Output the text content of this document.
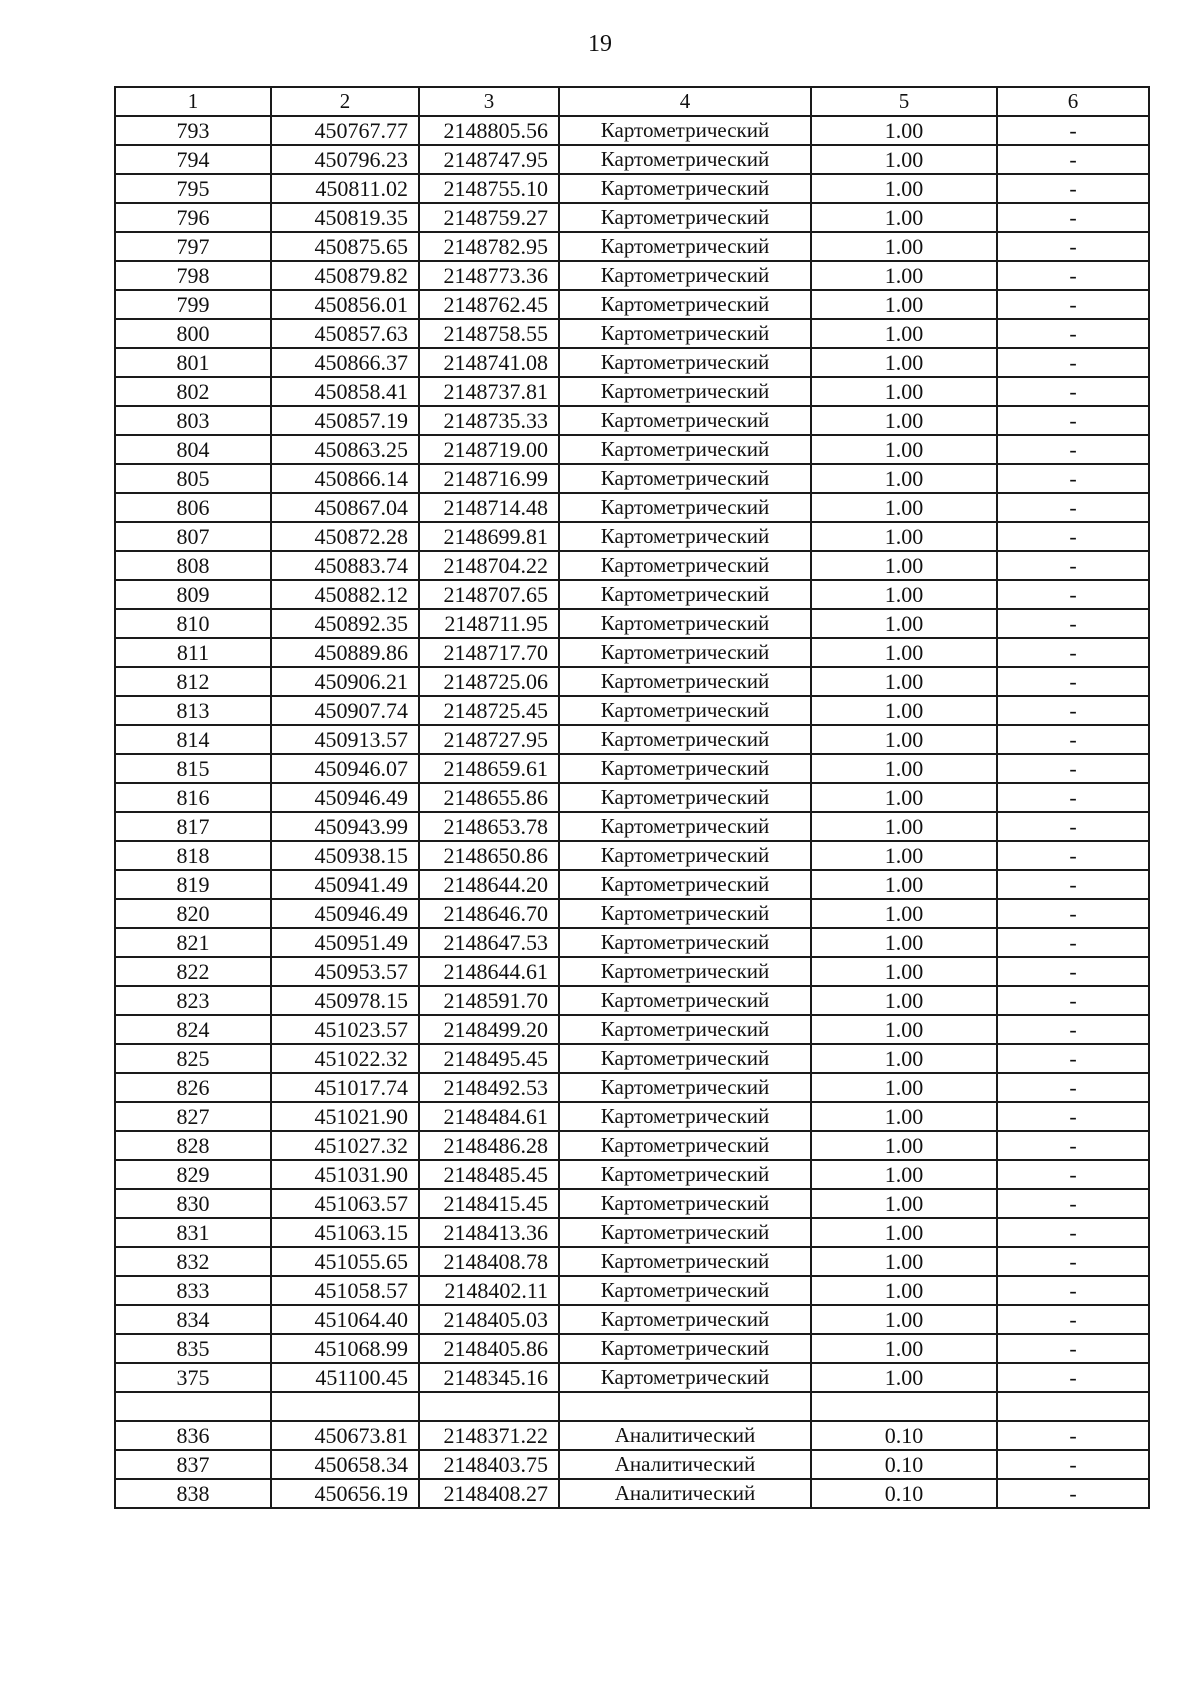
19
1	2	3	4	5	6
793	450767.77	2148805.56	Картометрический	1.00	-
794	450796.23	2148747.95	Картометрический	1.00	-
795	450811.02	2148755.10	Картометрический	1.00	-
796	450819.35	2148759.27	Картометрический	1.00	-
797	450875.65	2148782.95	Картометрический	1.00	-
798	450879.82	2148773.36	Картометрический	1.00	-
799	450856.01	2148762.45	Картометрический	1.00	-
800	450857.63	2148758.55	Картометрический	1.00	-
801	450866.37	2148741.08	Картометрический	1.00	-
802	450858.41	2148737.81	Картометрический	1.00	-
803	450857.19	2148735.33	Картометрический	1.00	-
804	450863.25	2148719.00	Картометрический	1.00	-
805	450866.14	2148716.99	Картометрический	1.00	-
806	450867.04	2148714.48	Картометрический	1.00	-
807	450872.28	2148699.81	Картометрический	1.00	-
808	450883.74	2148704.22	Картометрический	1.00	-
809	450882.12	2148707.65	Картометрический	1.00	-
810	450892.35	2148711.95	Картометрический	1.00	-
811	450889.86	2148717.70	Картометрический	1.00	-
812	450906.21	2148725.06	Картометрический	1.00	-
813	450907.74	2148725.45	Картометрический	1.00	-
814	450913.57	2148727.95	Картометрический	1.00	-
815	450946.07	2148659.61	Картометрический	1.00	-
816	450946.49	2148655.86	Картометрический	1.00	-
817	450943.99	2148653.78	Картометрический	1.00	-
818	450938.15	2148650.86	Картометрический	1.00	-
819	450941.49	2148644.20	Картометрический	1.00	-
820	450946.49	2148646.70	Картометрический	1.00	-
821	450951.49	2148647.53	Картометрический	1.00	-
822	450953.57	2148644.61	Картометрический	1.00	-
823	450978.15	2148591.70	Картометрический	1.00	-
824	451023.57	2148499.20	Картометрический	1.00	-
825	451022.32	2148495.45	Картометрический	1.00	-
826	451017.74	2148492.53	Картометрический	1.00	-
827	451021.90	2148484.61	Картометрический	1.00	-
828	451027.32	2148486.28	Картометрический	1.00	-
829	451031.90	2148485.45	Картометрический	1.00	-
830	451063.57	2148415.45	Картометрический	1.00	-
831	451063.15	2148413.36	Картометрический	1.00	-
832	451055.65	2148408.78	Картометрический	1.00	-
833	451058.57	2148402.11	Картометрический	1.00	-
834	451064.40	2148405.03	Картометрический	1.00	-
835	451068.99	2148405.86	Картометрический	1.00	-
375	451100.45	2148345.16	Картометрический	1.00	-

836	450673.81	2148371.22	Аналитический	0.10	-
837	450658.34	2148403.75	Аналитический	0.10	-
838	450656.19	2148408.27	Аналитический	0.10	-
